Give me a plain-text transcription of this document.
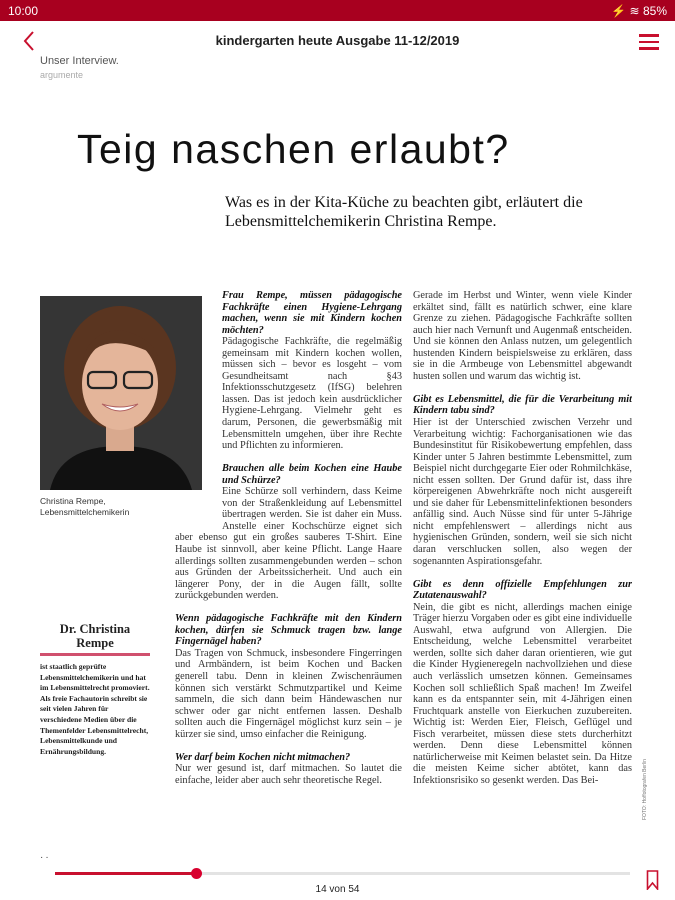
10:00	⚡ ≋ 85%
kindergarten heute Ausgabe 11-12/2019
Unser Interview.
argumente
Teig naschen erlaubt?
Was es in der Kita-Küche zu beachten gibt, erläutert die Lebensmittelchemikerin Christina Rempe.
Christina Rempe,
Lebensmittelchemikerin
Dr. Christina Rempe
ist staatlich geprüfte Lebensmittelchemikerin und hat im Lebensmittelrecht promoviert. Als freie Fachautorin schreibt sie seit vielen Jahren für verschiedene Medien über die Themenfelder Lebensmittelrecht, Lebensmittelkunde und Ernährungsbildung.

Frau Rempe, müssen pädagogische Fachkräfte einen Hygiene-Lehrgang machen, wenn sie mit Kindern kochen möchten?

Pädagogische Fachkräfte, die regelmäßig gemeinsam mit Kindern kochen wollen, müssen sich – bevor es losgeht – vom Gesundheitsamt nach §43 Infektionsschutzgesetz (IfSG) belehren lassen. Das ist jedoch kein ausdrücklicher Hygiene-Lehrgang. Vielmehr geht es darum, Personen, die gewerbsmäßig mit Lebensmitteln umgehen, über ihre Rechte und Pflichten zu informieren.

Brauchen alle beim Kochen eine Haube und Schürze?

Eine Schürze soll verhindern, dass Keime von der Straßenkleidung auf Lebensmittel übertragen werden. Sie ist daher ein Muss. Anstelle einer Kochschürze eignet sich aber ebenso gut ein großes sauberes T-Shirt. Eine Haube ist sinnvoll, aber keine Pflicht. Lange Haare allerdings sollten zusammengebunden werden – schon aus Gründen der Arbeitssicherheit. Und auch ein längerer Pony, der in die Augen fällt, sollte zurückgebunden werden.

Wenn pädagogische Fachkräfte mit den Kindern kochen, dürfen sie Schmuck tragen bzw. lange Fingernägel haben?

Das Tragen von Schmuck, insbesondere Fingerringen und Armbändern, ist beim Kochen und Backen generell tabu. Denn in kleinen Zwischenräumen können sich verstärkt Schmutzpartikel und Keime sammeln, die sich dann beim Händewaschen nur schwer oder gar nicht entfernen lassen. Deshalb sollten auch die Fingernägel möglichst kurz sein – je kürzer sie sind, umso einfacher die Reinigung.

Wer darf beim Kochen nicht mitmachen?

Nur wer gesund ist, darf mitmachen. So lautet die einfache, leider aber auch sehr theoretische Regel.

Gerade im Herbst und Winter, wenn viele Kinder erkältet sind, fällt es natürlich schwer, eine klare Grenze zu ziehen. Pädagogische Fachkräfte sollten auch hier nach Vernunft und Augenmaß entscheiden. Und sie können den Anlass nutzen, um gelegentlich hustenden Kindern beispielsweise zu erklären, dass sie in die Armbeuge von Lebensmittel abgewandt husten sollen und warum das wichtig ist.

Gibt es Lebensmittel, die für die Verarbeitung mit Kindern tabu sind?

Hier ist der Unterschied zwischen Verzehr und Verarbeitung wichtig: Fachorganisationen wie das Bundesinstitut für Risikobewertung empfehlen, dass Kinder unter 5 Jahren bestimmte Lebensmittel, zum Beispiel nicht durchgegarte Eier oder Rohmilchkäse, nicht essen sollten. Der Grund dafür ist, dass ihre körpereigenen Abwehrkräfte noch nicht ausgereift und sie daher für Lebensmittelinfektionen besonders anfällig sind. Auch Nüsse sind für unter 5-Jährige nicht empfehlenswert – allerdings nicht aus hygienischen Gründen, sondern, weil sie sich nicht daran verschlucken sollen, also wegen der sogenannten Aspirationsgefahr.

Gibt es denn offizielle Empfehlungen zur Zutatenauswahl?

Nein, die gibt es nicht, allerdings machen einige Träger hierzu Vorgaben oder es gibt eine individuelle Auswahl, etwa aufgrund von Allergien. Die Entscheidung, welche Lebensmittel verarbeitet werden, sollte sich daher daran orientieren, wie gut die Kinder Hygieneregeln nachvollziehen und diese auch verlässlich umsetzen können. Gemeinsames Kochen soll schließlich Spaß machen! Im Zweifel kann es da entspannter sein, mit 4-Jährigen einen Fruchtquark anstelle von Eierkuchen zuzubereiten. Wichtig ist: Werden Eier, Fleisch, Geflügel und Fisch verarbeitet, müssen diese stets durcherhitzt werden. Denn diese Lebensmittel können natürlicherweise mit Keimen belastet sein. Da Hitze die meisten Keime sicher abtötet, kann das Infektionsrisiko so gesenkt werden. Das Bei-	FOTO: Hoffotografen Berlin
··
14 von 54
